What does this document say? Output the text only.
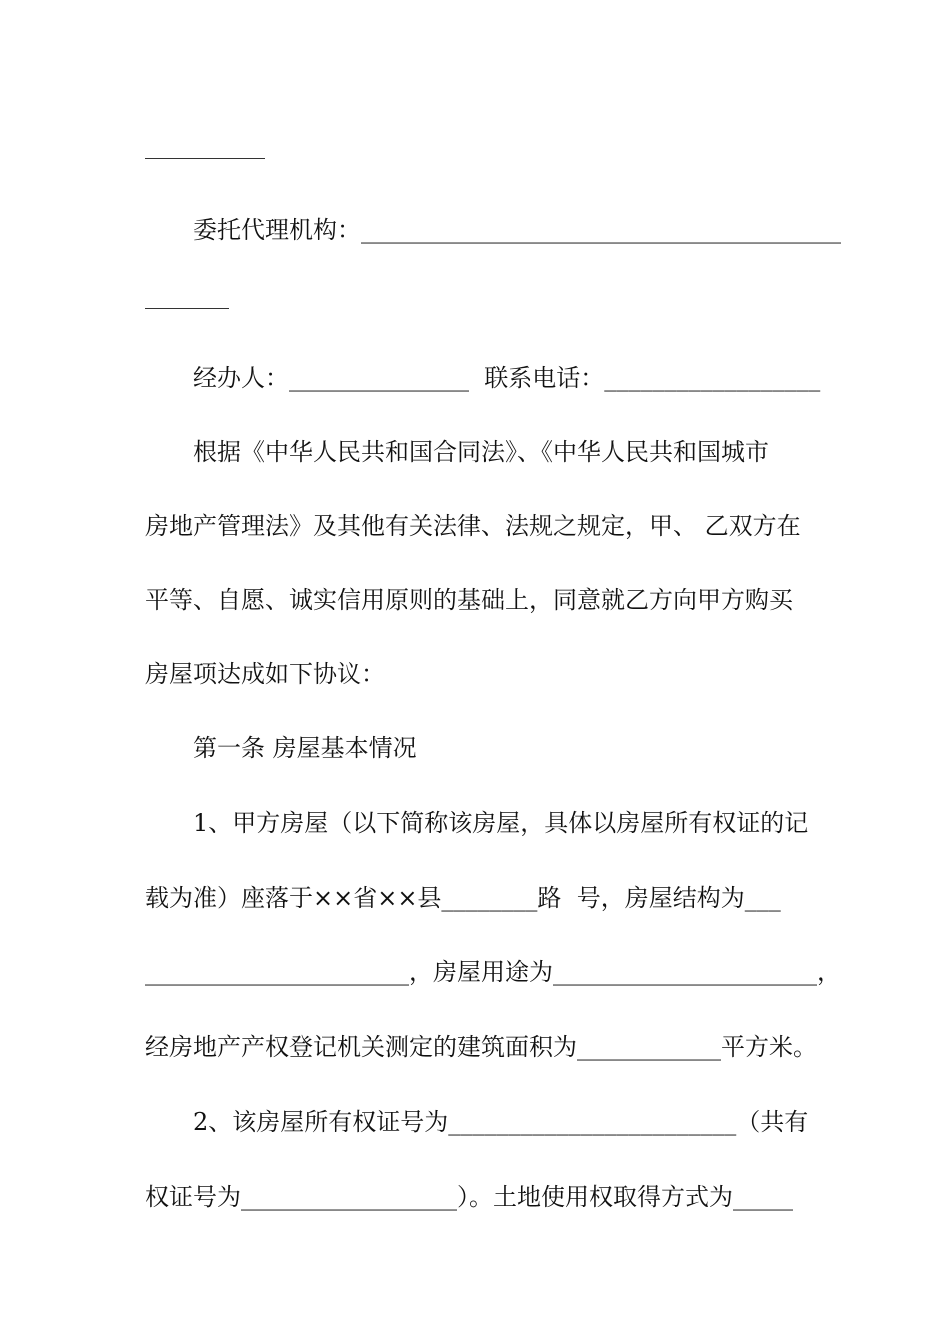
委托代理机构：________________________________________
经办人：_______________  联系电话：__________________
根据《中华人民共和国合同法》、《中华人民共和国城市
房地产管理法》及其他有关法律、法规之规定，甲、 乙双方在
平等、自愿、诚实信用原则的基础上，同意就乙方向甲方购买
房屋项达成如下协议：
第一条 房屋基本情况
1、甲方房屋（以下简称该房屋，具体以房屋所有权证的记
载为准）座落于××省××县________路  号，房屋结构为___
______________________，房屋用途为______________________，
经房地产产权登记机关测定的建筑面积为____________平方米。
2、该房屋所有权证号为________________________（共有
权证号为__________________）。土地使用权取得方式为_____
